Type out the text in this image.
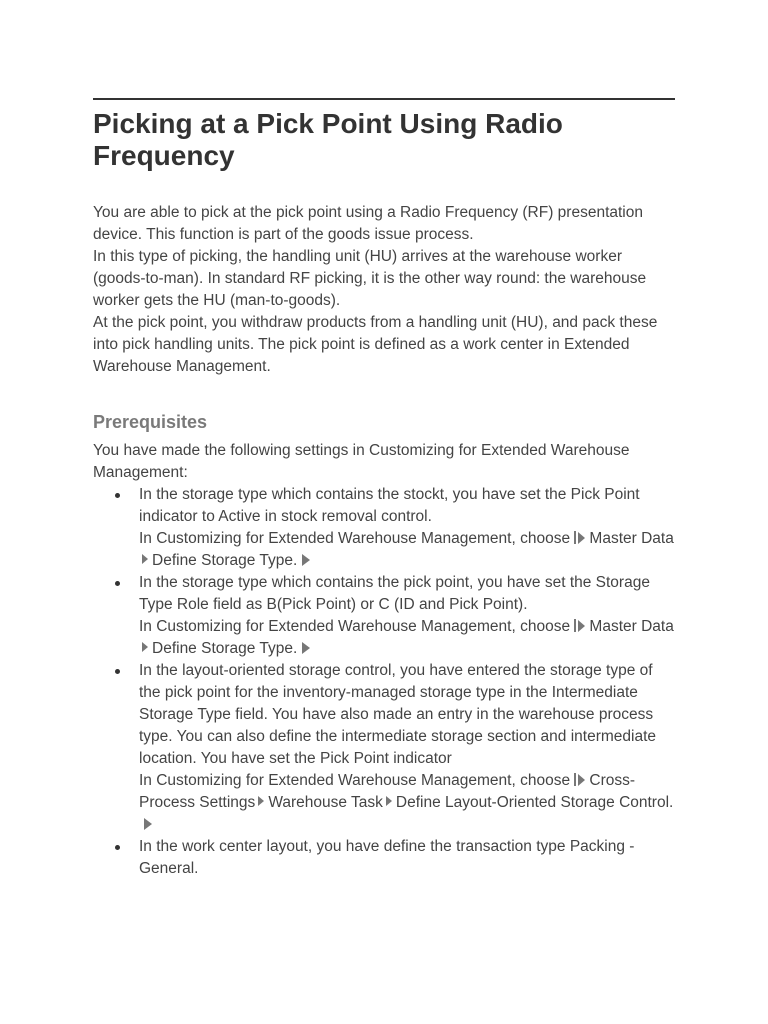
Picking at a Pick Point Using Radio Frequency

You are able to pick at the pick point using a Radio Frequency (RF) presentation device. This function is part of the goods issue process.

In this type of picking, the handling unit (HU) arrives at the warehouse worker (goods-to-man). In standard RF picking, it is the other way round: the warehouse worker gets the HU (man-to-goods).

At the pick point, you withdraw products from a handling unit (HU), and pack these into pick handling units. The pick point is defined as a work center in Extended Warehouse Management.

Prerequisites
You have made the following settings in Customizing for Extended Warehouse Management:

In the storage type which contains the stockt, you have set the Pick Point indicator to Active in stock removal control.

In Customizing for Extended Warehouse Management, choose Master DataDefine Storage Type.

In the storage type which contains the pick point, you have set the Storage Type Role field as B(Pick Point) or C (ID and Pick Point).

In Customizing for Extended Warehouse Management, choose Master DataDefine Storage Type.

In the layout-oriented storage control, you have entered the storage type of the pick point for the inventory-managed storage type in the Intermediate Storage Type field. You have also made an entry in the warehouse process type. You can also define the intermediate storage section and intermediate location. You have set the Pick Point indicator

In Customizing for Extended Warehouse Management, choose Cross-Process Settings Warehouse Task Define Layout-Oriented Storage Control.

In the work center layout, you have define the transaction type Packing - General.
